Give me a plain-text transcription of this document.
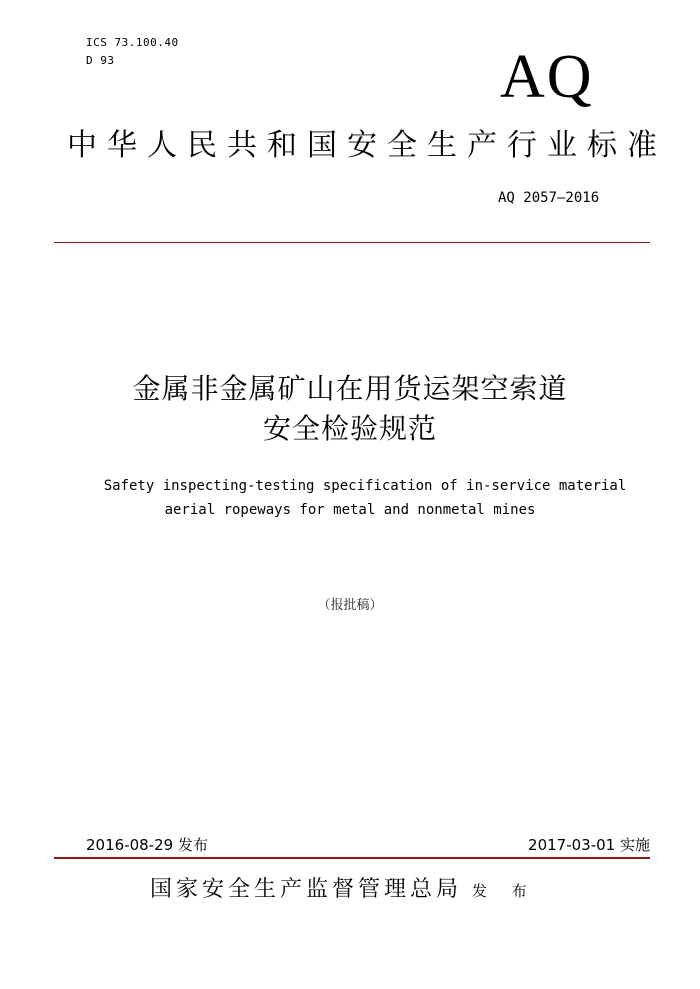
ICS 73.100.40
D 93	AQ
中华人民共和国安全生产行业标准
AQ 2057—2016
金属非金属矿山在用货运架空索道
安全检验规范
Safety inspecting-testing specification of in-service material
aerial ropeways for metal and nonmetal mines
（报批稿）
2016-08-29 发布	2017-03-01 实施
国家安全生产监督管理总局 发 布
